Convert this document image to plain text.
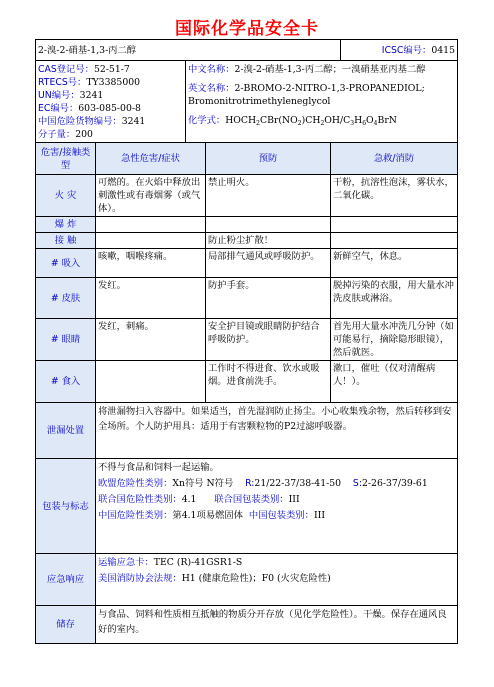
国际化学品安全卡
2-溴-2-硝基-1,3-丙二醇	ICSC编号：0415
CAS登记号：52-51-7
RTECS号：TY3385000
UN编号：3241
EC编号：603-085-00-8
中国危险货物编号：3241
分子量：200

中文名称：2-溴-2-硝基-1,3-丙二醇；一溴硝基亚丙基二醇
英文名称：2-BROMO-2-NITRO-1,3-PROPANEDIOL; Bromonitrotrimethyleneglycol
化学式：$HOCH_2CBr(NO_2)CH_2OH/C_3H_6O_4BrN$
危害/接触类型	急性危害/症状	预防	急救/消防
火 灾	可燃的。在火焰中释放出刺激性或有毒烟雾（或气体）。	禁止明火。	干粉，抗溶性泡沫，雾状水，二氧化碳。
爆 炸			
接 触		防止粉尘扩散！	
# 吸入	咳嗽，咽喉疼痛。	局部排气通风或呼吸防护。	新鲜空气，休息。
# 皮肤	发红。	防护手套。	脱掉污染的衣服，用大量水冲洗皮肤或淋浴。
# 眼睛	发红，刺痛。	安全护目镜或眼睛防护结合呼吸防护。	首先用大量水冲洗几分钟（如可能易行，摘除隐形眼镜），然后就医。
# 食入		工作时不得进食、饮水或吸烟。进食前洗手。	漱口，催吐（仅对清醒病人！）。
泄漏处置	将泄漏物扫入容器中。如果适当，首先湿润防止扬尘。小心收集残余物，然后转移到安全场所。个人防护用具：适用于有害颗粒物的P2过滤呼吸器。
包装与标志	不得与食品和饲料一起运输。
欧盟危险性类别：Xn符号 N符号 R:21/22-37/38-41-50 S:2-26-37/39-61
联合国危险性类别：4.1 联合国包装类别：III
中国危险性类别：第4.1项易燃固体 中国包装类别：III

应急响应	运输应急卡：TEC (R)-41GSR1-S
美国消防协会法规：H1 (健康危险性)；F0 (火灾危险性)

储存	与食品、饲料和性质相互抵触的物质分开存放（见化学危险性）。干燥。保存在通风良好的室内。
